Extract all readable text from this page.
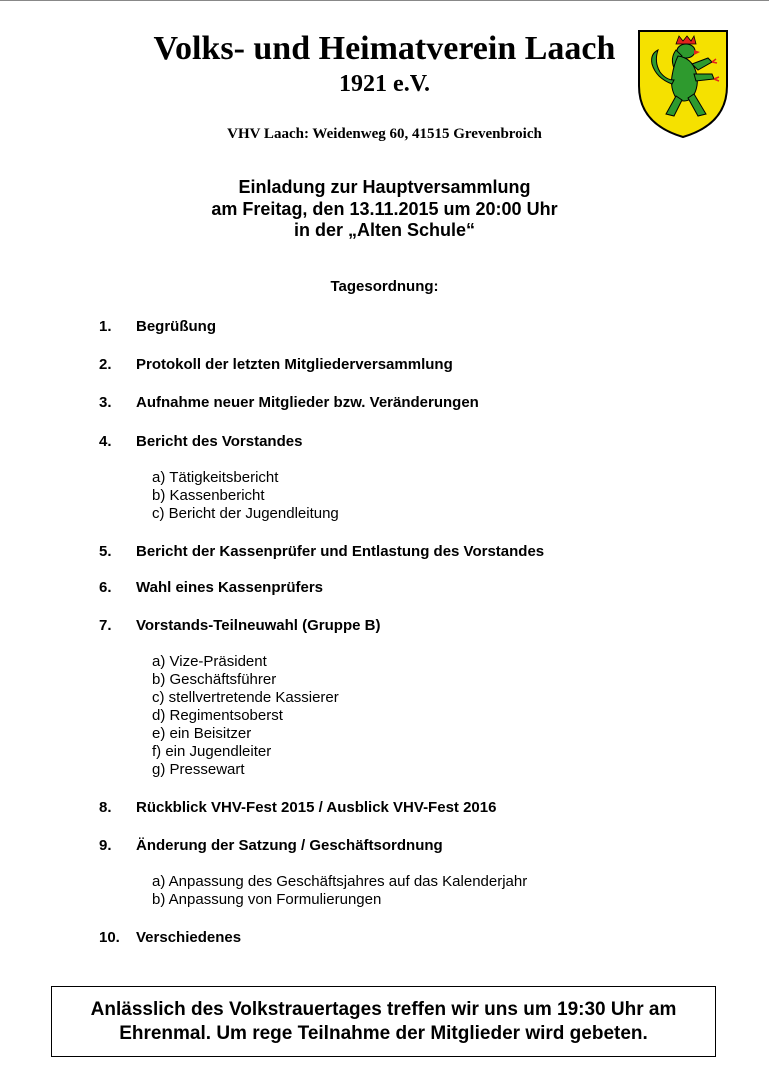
Volks- und Heimatverein Laach
1921 e.V.
VHV Laach: Weidenweg 60, 41515 Grevenbroich
Einladung zur Hauptversammlung
am Freitag, den 13.11.2015 um 20:00 Uhr
in der „Alten Schule“
Tagesordnung:
1. Begrüßung
2. Protokoll der letzten Mitgliederversammlung
3. Aufnahme neuer Mitglieder bzw. Veränderungen
4. Bericht des Vorstandes
a) Tätigkeitsbericht
b) Kassenbericht
c) Bericht der Jugendleitung
5. Bericht der Kassenprüfer und Entlastung des Vorstandes
6. Wahl eines Kassenprüfers
7. Vorstands-Teilneuwahl (Gruppe B)
a) Vize-Präsident
b) Geschäftsführer
c) stellvertretende Kassierer
d) Regimentsoberst
e) ein Beisitzer
f) ein Jugendleiter
g) Pressewart
8. Rückblick VHV-Fest 2015 / Ausblick VHV-Fest 2016
9. Änderung der Satzung / Geschäftsordnung
a) Anpassung des Geschäftsjahres auf das Kalenderjahr
b) Anpassung von Formulierungen
10. Verschiedenes
Anlässlich des Volkstrauertages treffen wir uns um 19:30 Uhr am
Ehrenmal. Um rege Teilnahme der Mitglieder wird gebeten.
